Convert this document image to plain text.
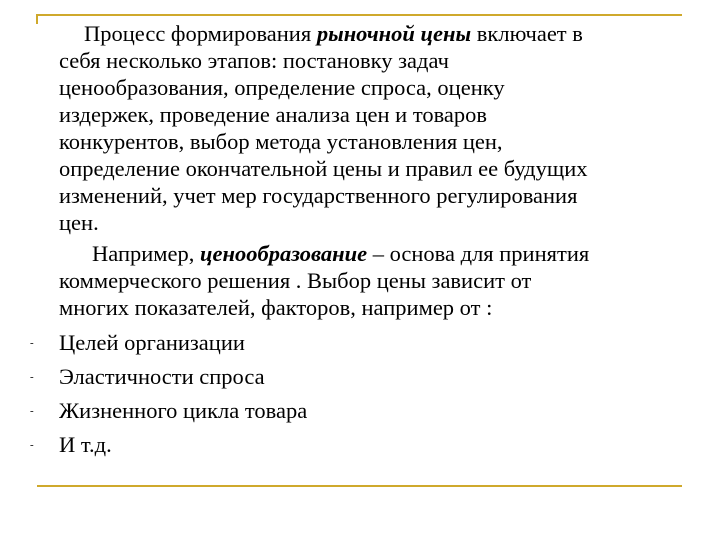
Процесс формирования рыночной цены включает в
себя несколько этапов: постановку задач
ценообразования, определение спроса, оценку
издержек, проведение анализа цен и товаров
конкурентов, выбор метода установления цен,
определение окончательной цены и правил ее будущих
изменений, учет мер государственного регулирования
цен.
Например, ценообразование – основа для принятия
коммерческого решения . Выбор цены зависит от
многих показателей, факторов, например от :
- Целей организации
- Эластичности спроса
- Жизненного цикла товара
- И т.д.
